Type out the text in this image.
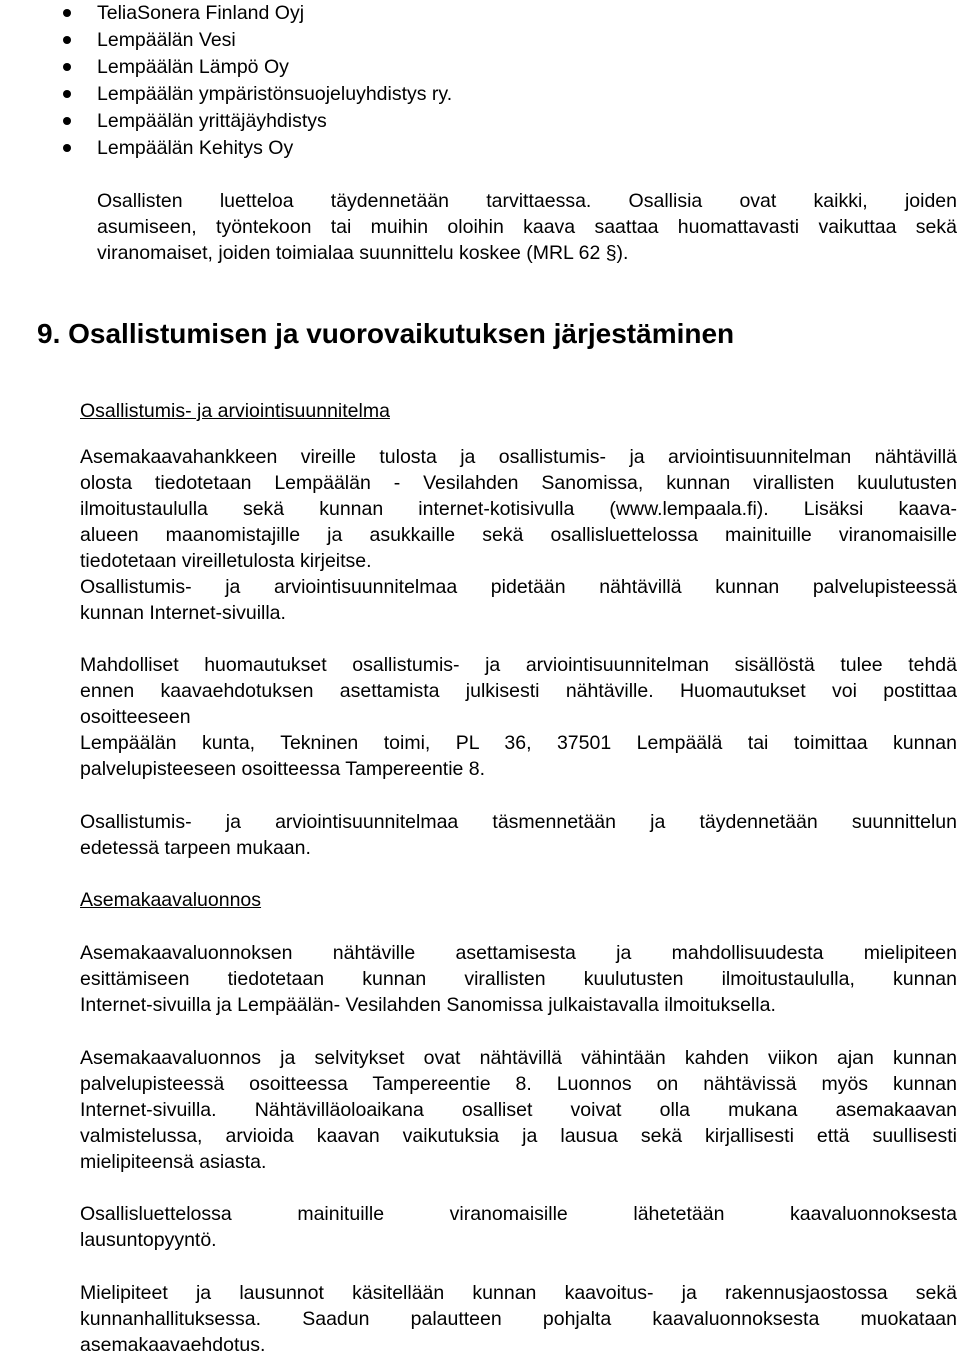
TeliaSonera Finland Oyj
Lempäälän Vesi
Lempäälän Lämpö Oy
Lempäälän ympäristönsuojeluyhdistys ry.
Lempäälän yrittäjäyhdistys
Lempäälän Kehitys Oy
Osallisten luetteloa täydennetään tarvittaessa. Osallisia ovat kaikki, joiden
asumiseen, työntekoon tai muihin oloihin kaava saattaa huomattavasti vaikuttaa sekä
viranomaiset, joiden toimialaa suunnittelu koskee (MRL 62 §).
9. Osallistumisen ja vuorovaikutuksen järjestäminen
Osallistumis- ja arviointisuunnitelma
Asemakaavahankkeen vireille tulosta ja osallistumis- ja arviointisuunnitelman nähtävillä
olosta tiedotetaan Lempäälän - Vesilahden Sanomissa, kunnan virallisten kuulutusten
ilmoitustaululla sekä kunnan internet-kotisivulla (www.lempaala.fi). Lisäksi kaava-
alueen maanomistajille ja asukkaille sekä osallisluettelossa mainituille viranomaisille
tiedotetaan vireilletulosta kirjeitse.
Osallistumis- ja arviointisuunnitelmaa pidetään nähtävillä kunnan palvelupisteessä
kunnan Internet-sivuilla.
Mahdolliset huomautukset osallistumis- ja arviointisuunnitelman sisällöstä tulee tehdä
ennen kaavaehdotuksen asettamista julkisesti nähtäville. Huomautukset voi postittaa
osoitteeseen
Lempäälän kunta, Tekninen toimi, PL 36, 37501 Lempäälä tai toimittaa kunnan
palvelupisteeseen osoitteessa Tampereentie 8.
Osallistumis- ja arviointisuunnitelmaa täsmennetään ja täydennetään suunnittelun
edetessä tarpeen mukaan.
Asemakaavaluonnos
Asemakaavaluonnoksen nähtäville asettamisesta ja mahdollisuudesta mielipiteen
esittämiseen tiedotetaan kunnan virallisten kuulutusten ilmoitustaululla, kunnan
Internet-sivuilla ja Lempäälän- Vesilahden Sanomissa julkaistavalla ilmoituksella.
Asemakaavaluonnos ja selvitykset ovat nähtävillä vähintään kahden viikon ajan kunnan
palvelupisteessä osoitteessa Tampereentie 8. Luonnos on nähtävissä myös kunnan
Internet-sivuilla. Nähtävilläoloaikana osalliset voivat olla mukana asemakaavan
valmistelussa, arvioida kaavan vaikutuksia ja lausua sekä kirjallisesti että suullisesti
mielipiteensä asiasta.
Osallisluettelossa mainituille viranomaisille lähetetään kaavaluonnoksesta
lausuntopyyntö.
Mielipiteet ja lausunnot käsitellään kunnan kaavoitus- ja rakennusjaostossa sekä
kunnanhallituksessa. Saadun palautteen pohjalta kaavaluonnoksesta muokataan
asemakaavaehdotus.
